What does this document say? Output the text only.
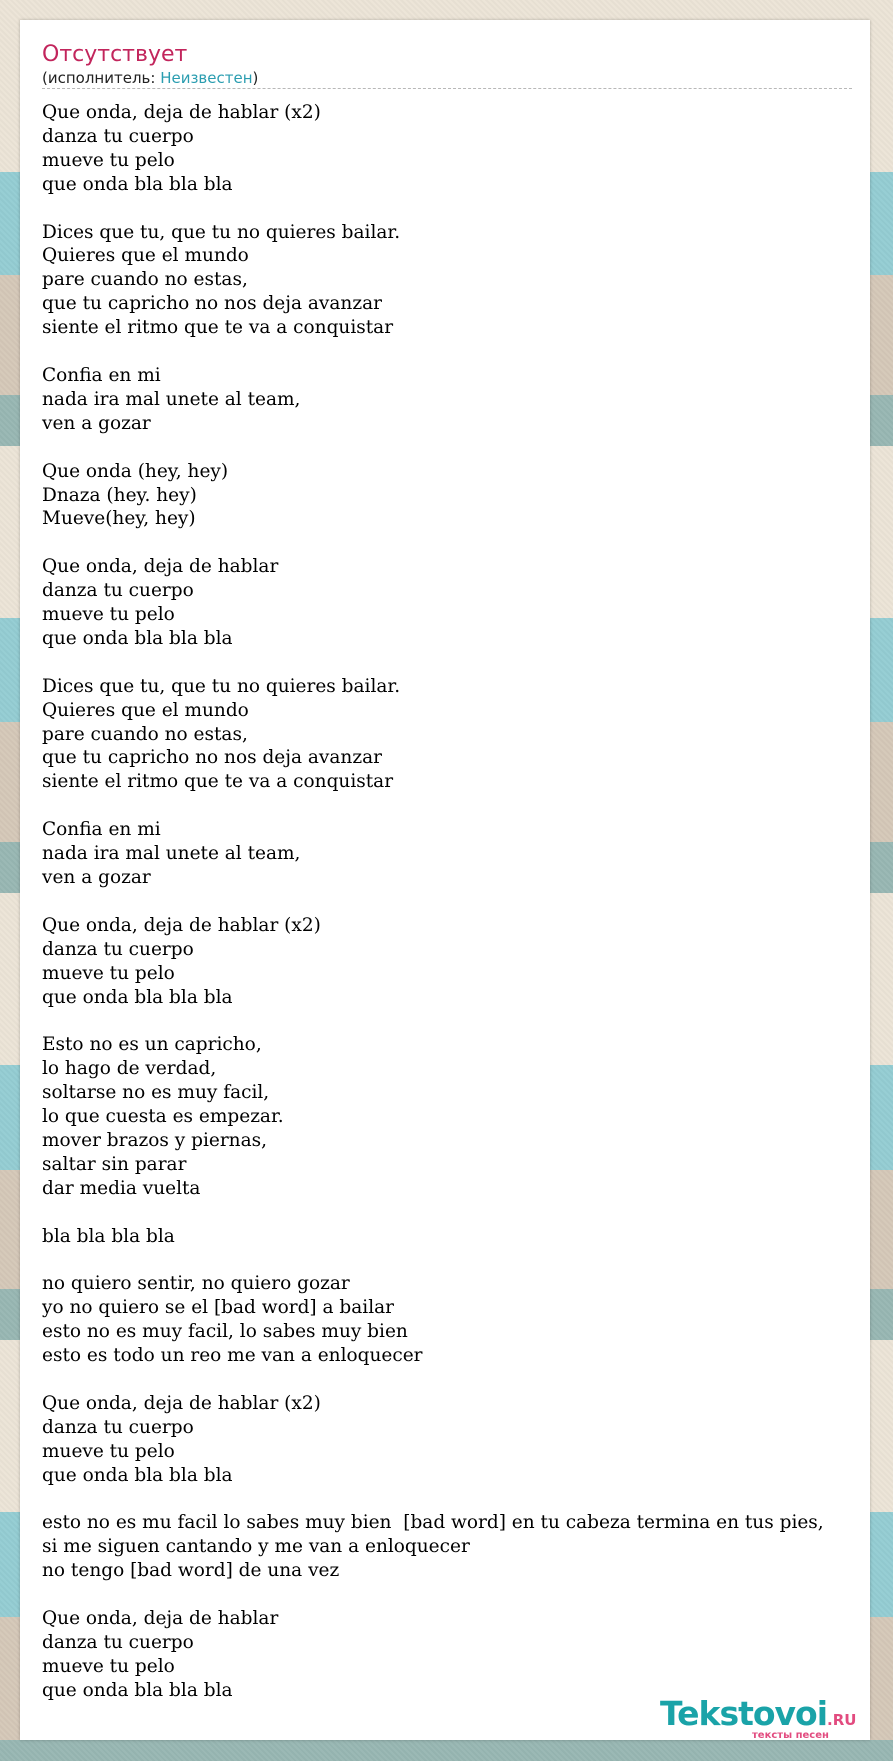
Отсутствует
(исполнитель: Неизвестен)
Que onda, deja de hablar (x2)
danza tu cuerpo
mueve tu pelo
que onda bla bla bla

Dices que tu, que tu no quieres bailar.
Quieres que el mundo
pare cuando no estas,
que tu capricho no nos deja avanzar
siente el ritmo que te va a conquistar

Confia en mi
nada ira mal unete al team,
ven a gozar

Que onda (hey, hey)
Dnaza (hey. hey)
Mueve(hey, hey)

Que onda, deja de hablar
danza tu cuerpo
mueve tu pelo
que onda bla bla bla

Dices que tu, que tu no quieres bailar.
Quieres que el mundo
pare cuando no estas,
que tu capricho no nos deja avanzar
siente el ritmo que te va a conquistar

Confia en mi
nada ira mal unete al team,
ven a gozar

Que onda, deja de hablar (x2)
danza tu cuerpo
mueve tu pelo
que onda bla bla bla

Esto no es un capricho,
lo hago de verdad,
soltarse no es muy facil,
lo que cuesta es empezar.
mover brazos y piernas,
saltar sin parar
dar media vuelta

bla bla bla bla

no quiero sentir, no quiero gozar
yo no quiero se el [bad word] a bailar
esto no es muy facil, lo sabes muy bien
esto es todo un reo me van a enloquecer

Que onda, deja de hablar (x2)
danza tu cuerpo
mueve tu pelo
que onda bla bla bla

esto no es mu facil lo sabes muy bien  [bad word] en tu cabeza termina en tus pies,
si me siguen cantando y me van a enloquecer
no tengo [bad word] de una vez

Que onda, deja de hablar
danza tu cuerpo
mueve tu pelo
que onda bla bla bla
Tekstovoi.RU
тексты песен
